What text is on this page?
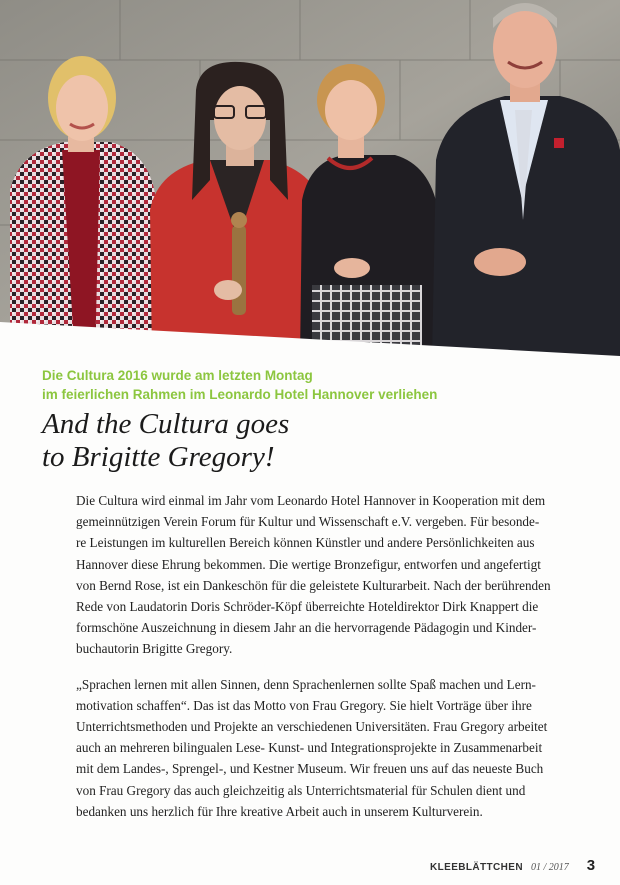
Die Cultura 2016 wurde am letzten Montag
im feierlichen Rahmen im Leonardo Hotel Hannover verliehen
And the Cultura goes
to Brigitte Gregory!
Die Cultura wird einmal im Jahr vom Leonardo Hotel Hannover in Kooperation mit dem
gemeinnützigen Verein Forum für Kultur und Wissenschaft e.V. vergeben. Für besonde-
re Leistungen im kulturellen Bereich können Künstler und andere Persönlichkeiten aus
Hannover diese Ehrung bekommen. Die wertige Bronzefigur, entworfen und angefertigt
von Bernd Rose, ist ein Dankeschön für die geleistete Kulturarbeit. Nach der berührenden
Rede von Laudatorin Doris Schröder-Köpf überreichte Hoteldirektor Dirk Knappert die
formschöne Auszeichnung in diesem Jahr an die hervorragende Pädagogin und Kinder-
buchautorin Brigitte Gregory.
„Sprachen lernen mit allen Sinnen, denn Sprachenlernen sollte Spaß machen und Lern-
motivation schaffen“. Das ist das Motto von Frau Gregory. Sie hielt Vorträge über ihre
Unterrichtsmethoden und Projekte an verschiedenen Universitäten. Frau Gregory arbeitet
auch an mehreren bilingualen Lese- Kunst- und Integrationsprojekte in Zusammenarbeit
mit dem Landes-, Sprengel-, und Kestner Museum. Wir freuen uns auf das neueste Buch
von Frau Gregory das auch gleichzeitig als Unterrichtsmaterial für Schulen dient und
bedanken uns herzlich für Ihre kreative Arbeit auch in unserem Kulturverein.
KLEEBLÄTTCHEN 01 / 2017 3
